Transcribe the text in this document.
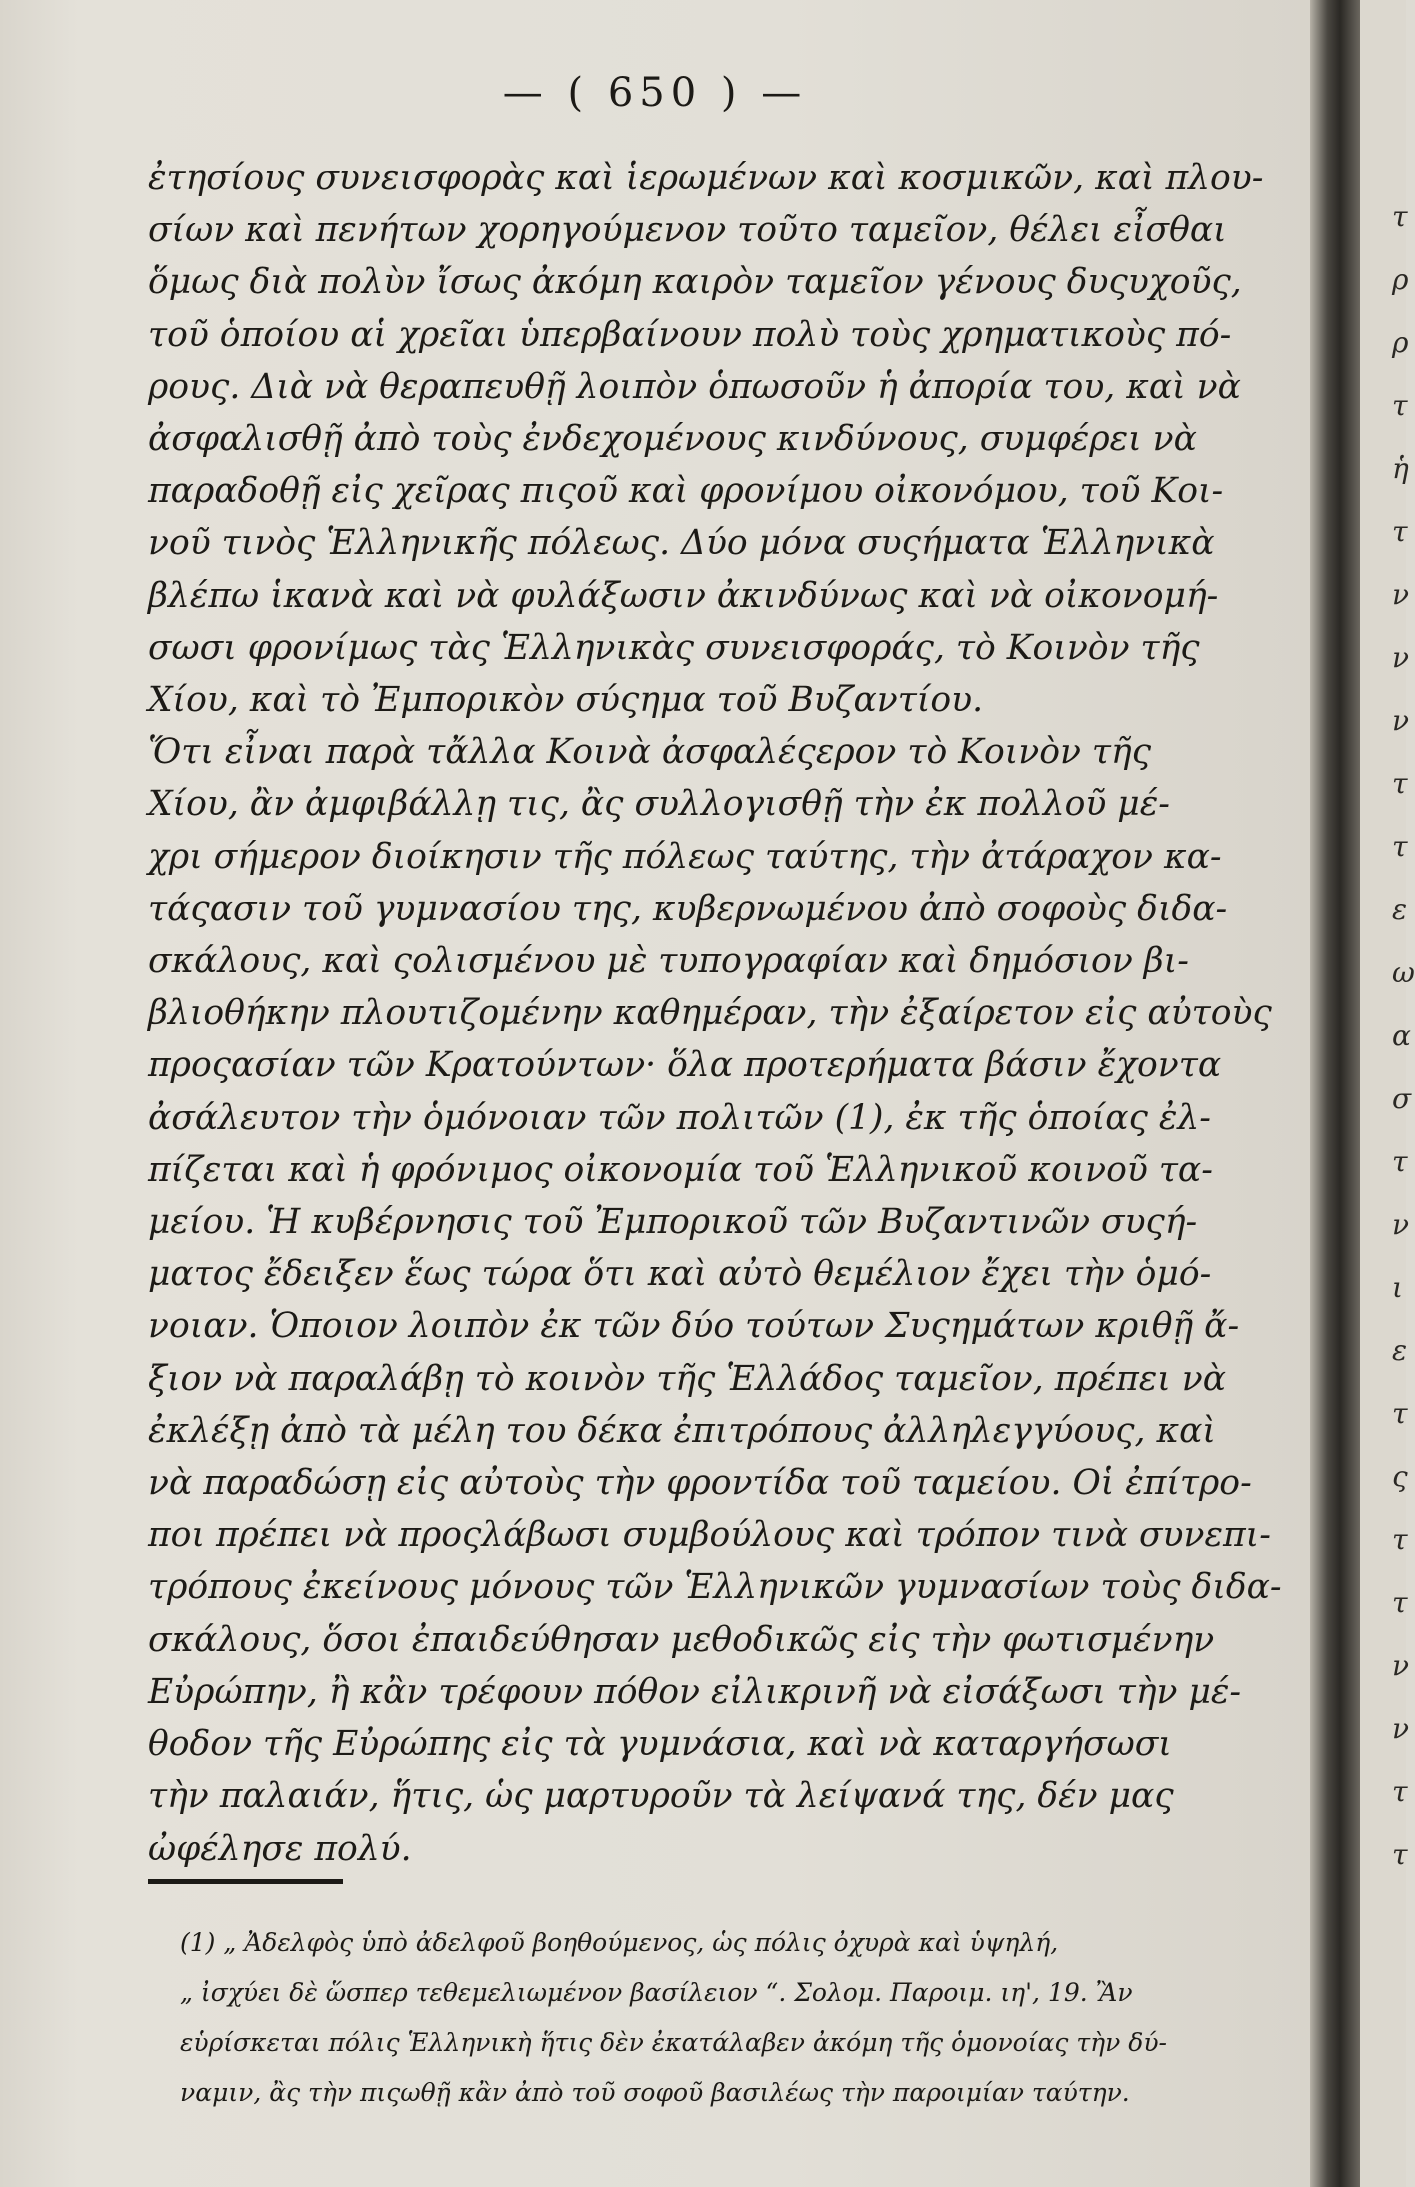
— ( 650 ) —
ἐτησίους συνεισφορὰς καὶ ἱερωμένων καὶ κοσμικῶν, καὶ πλου-
σίων καὶ πενήτων χορηγούμενον τοῦτο ταμεῖον, θέλει εἶσθαι
ὅμως διὰ πολὺν ἴσως ἀκόμη καιρὸν ταμεῖον γένους δυςυχοῦς,
τοῦ ὁποίου αἱ χρεῖαι ὑπερβαίνουν πολὺ τοὺς χρηματικοὺς πό-
ρους. Διὰ νὰ θεραπευθῇ λοιπὸν ὁπωσοῦν ἡ ἀπορία του, καὶ νὰ
ἀσφαλισθῇ ἀπὸ τοὺς ἐνδεχομένους κινδύνους, συμφέρει νὰ
παραδοθῇ εἰς χεῖρας πιςοῦ καὶ φρονίμου οἰκονόμου, τοῦ Κοι-
νοῦ τινὸς Ἑλληνικῆς πόλεως. Δύο μόνα συςήματα Ἑλληνικὰ
βλέπω ἱκανὰ καὶ νὰ φυλάξωσιν ἀκινδύνως καὶ νὰ οἰκονομή-
σωσι φρονίμως τὰς Ἑλληνικὰς συνεισφοράς, τὸ Κοινὸν τῆς
Χίου, καὶ τὸ Ἐμπορικὸν σύςημα τοῦ Βυζαντίου.
Ὅτι εἶναι παρὰ τἄλλα Κοινὰ ἀσφαλέςερον τὸ Κοινὸν τῆς
Χίου, ἂν ἀμφιβάλλῃ τις, ἂς συλλογισθῇ τὴν ἐκ πολλοῦ μέ-
χρι σήμερον διοίκησιν τῆς πόλεως ταύτης, τὴν ἀτάραχον κα-
τάςασιν τοῦ γυμνασίου της, κυβερνωμένου ἀπὸ σοφοὺς διδα-
σκάλους, καὶ ςολισμένου μὲ τυπογραφίαν καὶ δημόσιον βι-
βλιοθήκην πλουτιζομένην καθημέραν, τὴν ἐξαίρετον εἰς αὐτοὺς
προςασίαν τῶν Κρατούντων· ὅλα προτερήματα βάσιν ἔχοντα
ἀσάλευτον τὴν ὁμόνοιαν τῶν πολιτῶν (1), ἐκ τῆς ὁποίας ἐλ-
πίζεται καὶ ἡ φρόνιμος οἰκονομία τοῦ Ἑλληνικοῦ κοινοῦ τα-
μείου. Ἡ κυβέρνησις τοῦ Ἐμπορικοῦ τῶν Βυζαντινῶν συςή-
ματος ἔδειξεν ἕως τώρα ὅτι καὶ αὐτὸ θεμέλιον ἔχει τὴν ὁμό-
νοιαν. Ὁποιον λοιπὸν ἐκ τῶν δύο τούτων Συςημάτων κριθῇ ἄ-
ξιον νὰ παραλάβῃ τὸ κοινὸν τῆς Ἑλλάδος ταμεῖον, πρέπει νὰ
ἐκλέξῃ ἀπὸ τὰ μέλη του δέκα ἐπιτρόπους ἀλληλεγγύους, καὶ
νὰ παραδώσῃ εἰς αὐτοὺς τὴν φροντίδα τοῦ ταμείου. Οἱ ἐπίτρο-
ποι πρέπει νὰ προςλάβωσι συμβούλους καὶ τρόπον τινὰ συνεπι-
τρόπους ἐκείνους μόνους τῶν Ἑλληνικῶν γυμνασίων τοὺς διδα-
σκάλους, ὅσοι ἐπαιδεύθησαν μεθοδικῶς εἰς τὴν φωτισμένην
Εὐρώπην, ἢ κἂν τρέφουν πόθον εἰλικρινῆ νὰ εἰσάξωσι τὴν μέ-
θοδον τῆς Εὐρώπης εἰς τὰ γυμνάσια, καὶ νὰ καταργήσωσι
τὴν παλαιάν, ἥτις, ὡς μαρτυροῦν τὰ λείψανά της, δέν μας
ὠφέλησε πολύ.
(1) „ Ἀδελφὸς ὑπὸ ἀδελφοῦ βοηθούμενος, ὡς πόλις ὀχυρὰ καὶ ὑψηλή,
„ ἰσχύει δὲ ὥσπερ τεθεμελιωμένον βασίλειον “. Σολομ. Παροιμ. ιη', 19. Ἂν
εὑρίσκεται πόλις Ἑλληνικὴ ἥτις δὲν ἐκατάλαβεν ἀκόμη τῆς ὁμονοίας τὴν δύ-
ναμιν, ἂς τὴν πιςωθῇ κἂν ἀπὸ τοῦ σοφοῦ βασιλέως τὴν παροιμίαν ταύτην.
τ
ρ
ρ
τ
ἡ
τ
ν
ν
ν
τ
τ
ε
ω
α
σ
τ
ν
ι
ε
τ
ς
τ
τ
ν
ν
τ
τ
